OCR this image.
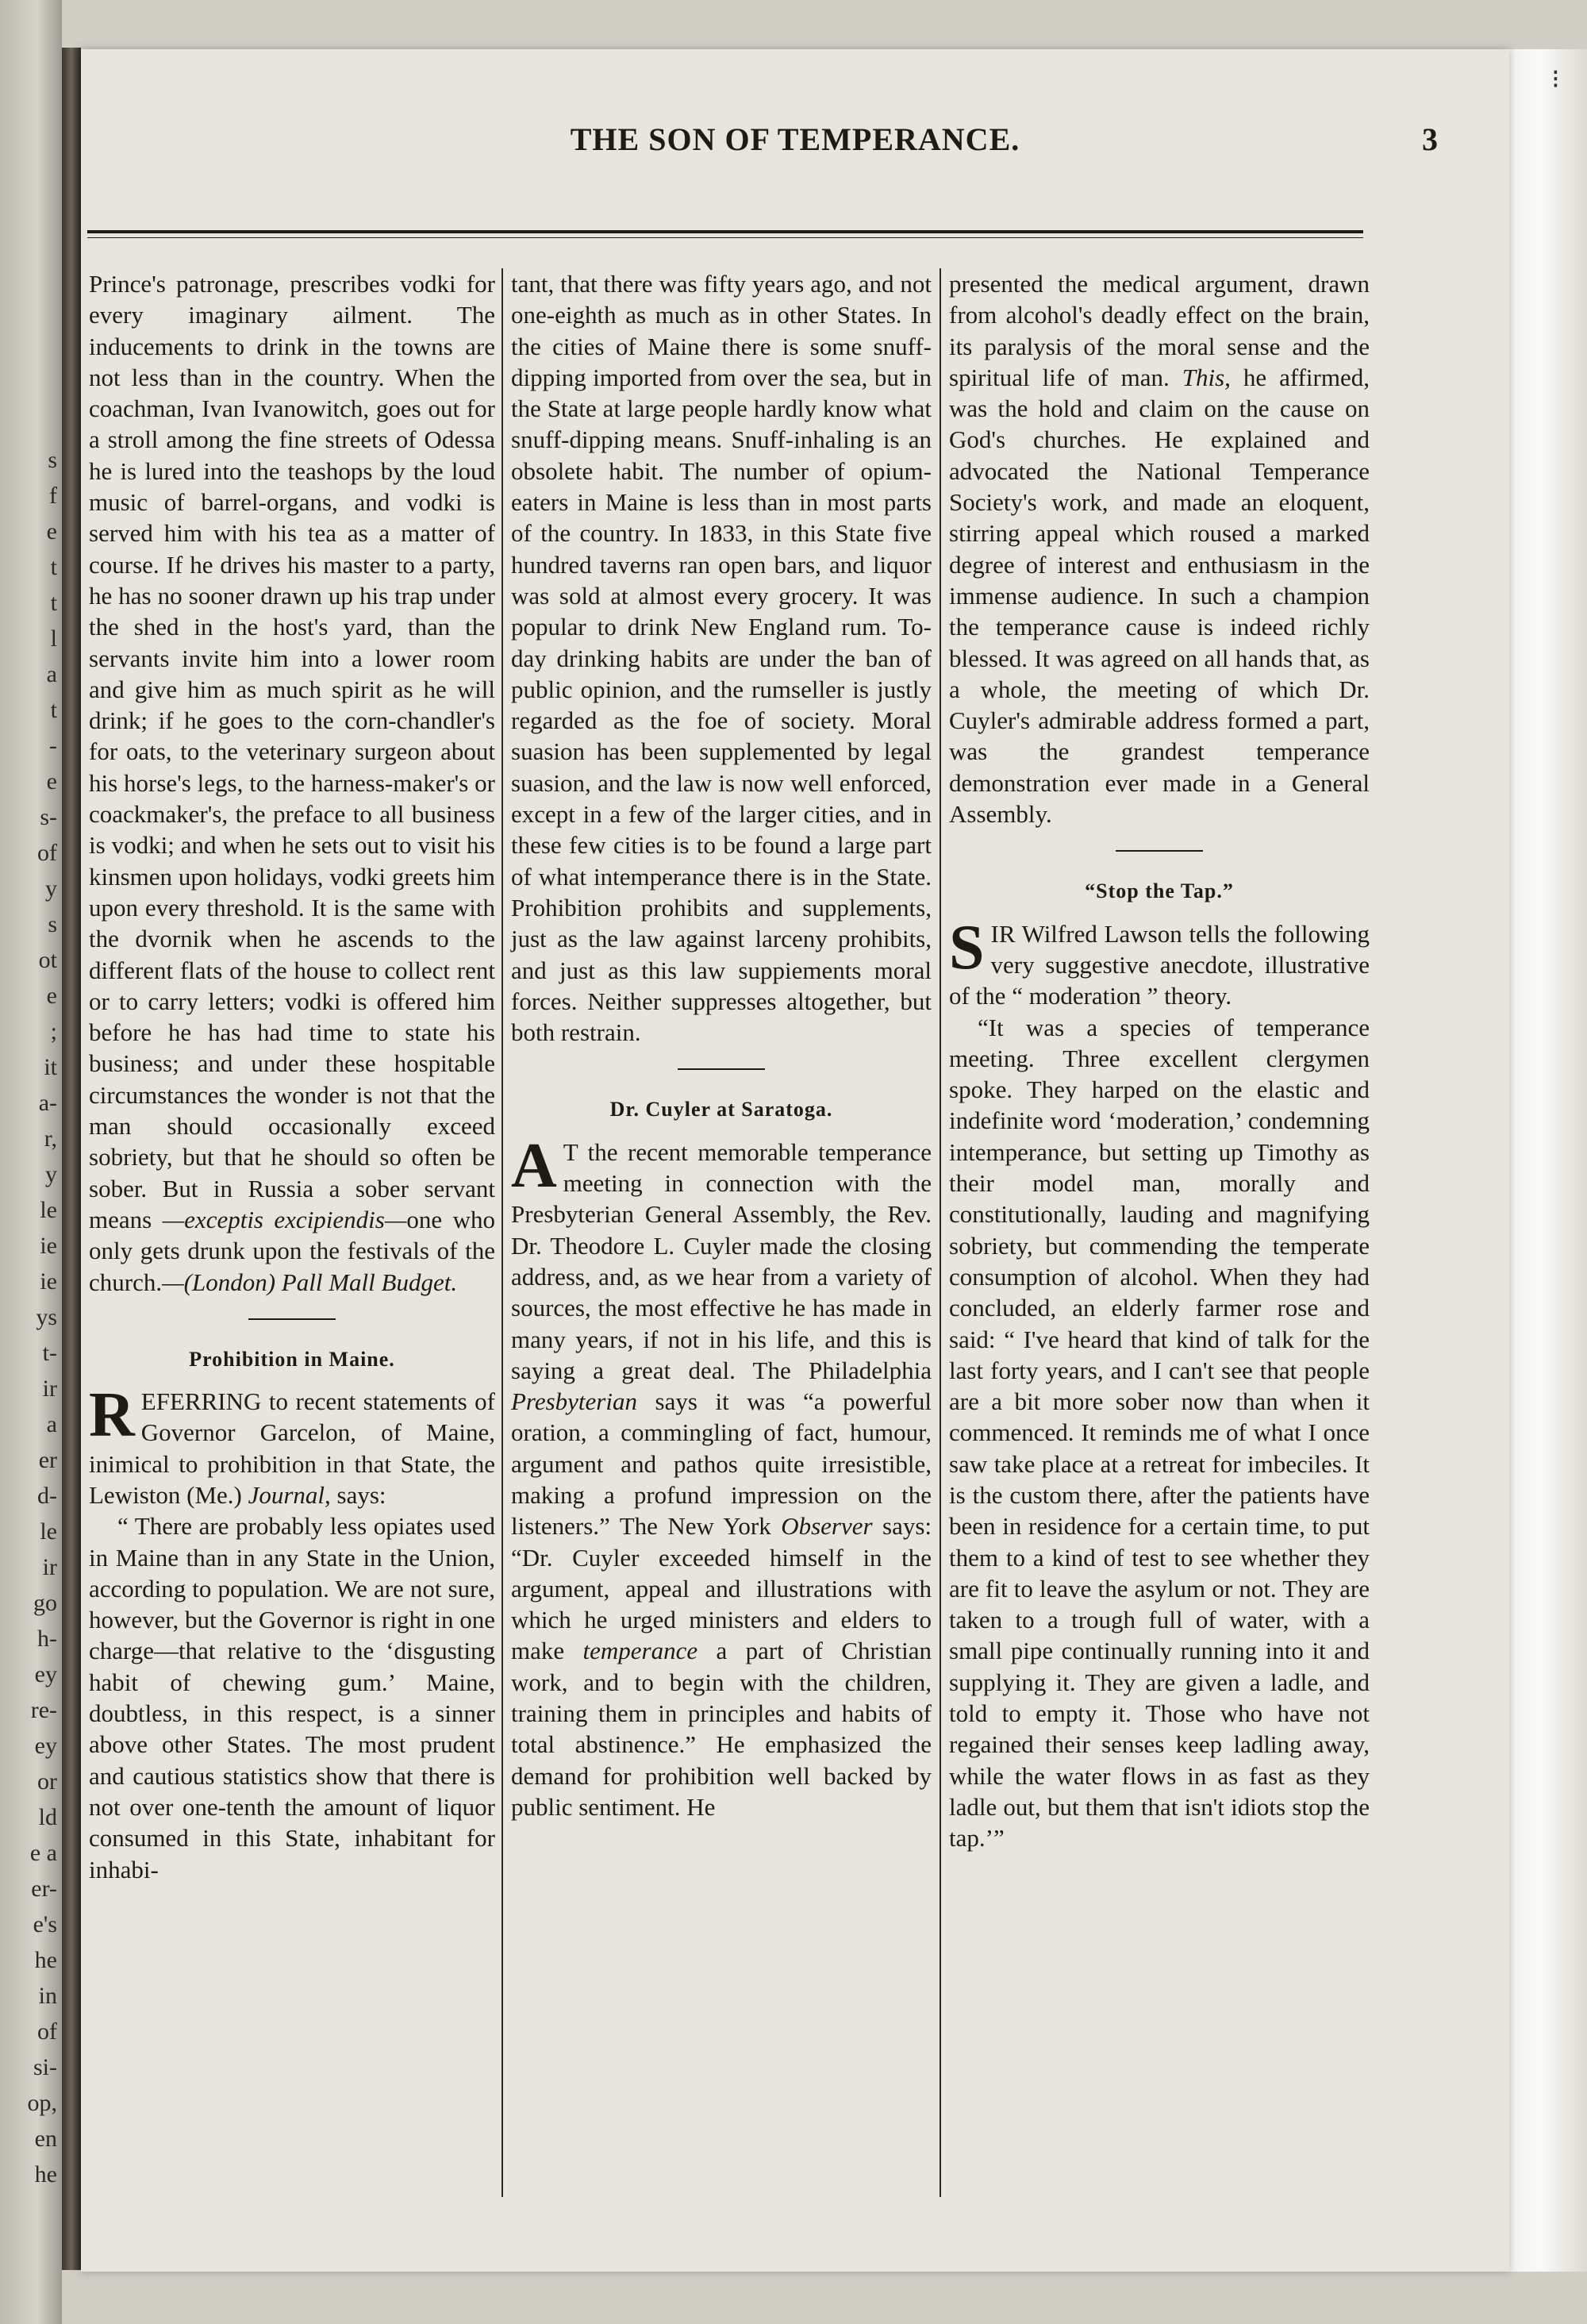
s
f
e
t
t
l
a
t
-
e
s-
of
y
s
ot
e
;
it
a-
r,
y
le
ie
ie
ys
t-
ir
a
er
d-
le
ir
go
h-
ey
re-
ey
or
ld
e a
er-
e's
he
in
of
si-
op,
en
he
THE SON OF TEMPERANCE.	3

Prince's patronage, prescribes vodki for every imaginary ailment. The inducements to drink in the towns are not less than in the country. When the coachman, Ivan Ivanowitch, goes out for a stroll among the fine streets of Odessa he is lured into the teashops by the loud music of barrel-organs, and vodki is served him with his tea as a matter of course. If he drives his master to a party, he has no sooner drawn up his trap under the shed in the host's yard, than the servants invite him into a lower room and give him as much spirit as he will drink; if he goes to the corn-chandler's for oats, to the veterinary surgeon about his horse's legs, to the harness-maker's or coackmaker's, the preface to all business is vodki; and when he sets out to visit his kinsmen upon holidays, vodki greets him upon every threshold. It is the same with the dvornik when he ascends to the different flats of the house to collect rent or to carry letters; vodki is offered him before he has had time to state his business; and under these hospitable circumstances the wonder is not that the man should occasionally exceed sobriety, but that he should so often be sober. But in Russia a sober servant means —exceptis excipiendis—one who only gets drunk upon the festivals of the church.—(London) Pall Mall Budget.

Prohibition in Maine.

REFERRING to recent statements of Governor Garcelon, of Maine, inimical to prohibition in that State, the Lewiston (Me.) Journal, says:

“ There are probably less opiates used in Maine than in any State in the Union, according to population. We are not sure, however, but the Governor is right in one charge—that relative to the ‘disgusting habit of chewing gum.’ Maine, doubtless, in this respect, is a sinner above other States. The most prudent and cautious statistics show that there is not over one-tenth the amount of liquor consumed in this State, inhabitant for inhabi-

tant, that there was fifty years ago, and not one-eighth as much as in other States. In the cities of Maine there is some snuff-dipping imported from over the sea, but in the State at large people hardly know what snuff-dipping means. Snuff-inhaling is an obsolete habit. The number of opium-eaters in Maine is less than in most parts of the country. In 1833, in this State five hundred taverns ran open bars, and liquor was sold at almost every grocery. It was popular to drink New England rum. To-day drinking habits are under the ban of public opinion, and the rumseller is justly regarded as the foe of society. Moral suasion has been supplemented by legal suasion, and the law is now well enforced, except in a few of the larger cities, and in these few cities is to be found a large part of what intemperance there is in the State. Prohibition prohibits and supplements, just as the law against larceny prohibits, and just as this law suppiements moral forces. Neither suppresses altogether, but both restrain.

Dr. Cuyler at Saratoga.

A T the recent memorable temperance meeting in connection with the Presbyterian General Assembly, the Rev. Dr. Theodore L. Cuyler made the closing address, and, as we hear from a variety of sources, the most effective he has made in many years, if not in his life, and this is saying a great deal. The Philadelphia Presbyterian says it was “a powerful oration, a commingling of fact, humour, argument and pathos quite irresistible, making a profund impression on the listeners.” The New York Observer says: “Dr. Cuyler exceeded himself in the argument, appeal and illustrations with which he urged ministers and elders to make temperance a part of Christian work, and to begin with the children, training them in principles and habits of total abstinence.” He emphasized the demand for prohibition well backed by public sentiment. He

presented the medical argument, drawn from alcohol's deadly effect on the brain, its paralysis of the moral sense and the spiritual life of man. This, he affirmed, was the hold and claim on the cause on God's churches. He explained and advocated the National Temperance Society's work, and made an eloquent, stirring appeal which roused a marked degree of interest and enthusiasm in the immense audience. In such a champion the temperance cause is indeed richly blessed. It was agreed on all hands that, as a whole, the meeting of which Dr. Cuyler's admirable address formed a part, was the grandest temperance demonstration ever made in a General Assembly.

“Stop the Tap.”

SIR Wilfred Lawson tells the following very suggestive anecdote, illustrative of the “ moderation ” theory.

“It was a species of temperance meeting. Three excellent clergymen spoke. They harped on the elastic and indefinite word ‘moderation,’ condemning intemperance, but setting up Timothy as their model man, morally and constitutionally, lauding and magnifying sobriety, but commending the temperate consumption of alcohol. When they had concluded, an elderly farmer rose and said: “ I've heard that kind of talk for the last forty years, and I can't see that people are a bit more sober now than when it commenced. It reminds me of what I once saw take place at a retreat for imbeciles. It is the custom there, after the patients have been in residence for a certain time, to put them to a kind of test to see whether they are fit to leave the asylum or not. They are taken to a trough full of water, with a small pipe continually running into it and supplying it. They are given a ladle, and told to empty it. Those who have not regained their senses keep ladling away, while the water flows in as fast as they ladle out, but them that isn't idiots stop the tap.’”

⁝
